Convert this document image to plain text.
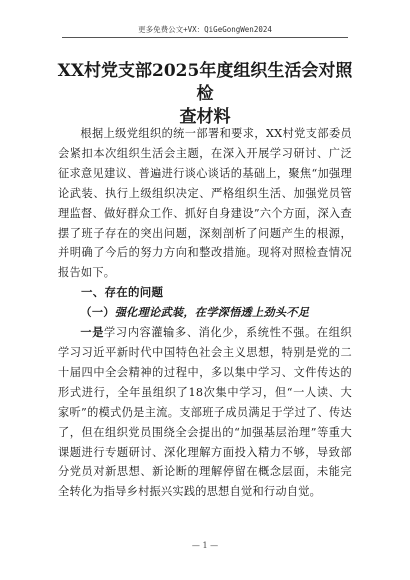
更多免费公文+VX：QiGeGongWen2024
XX村党支部2025年度组织生活会对照检
查材料

根据上级党组织的统一部署和要求，XX村党支部委员会紧扣本次组织生活会主题，在深入开展学习研讨、广泛征求意见建议、普遍进行谈心谈话的基础上，聚焦“加强理论武装、执行上级组织决定、严格组织生活、加强党员管理监督、做好群众工作、抓好自身建设”六个方面，深入查摆了班子存在的突出问题，深刻剖析了问题产生的根源，并明确了今后的努力方向和整改措施。现将对照检查情况报告如下。

一、存在的问题

（一）强化理论武装，在学深悟透上劲头不足

一是学习内容灌输多、消化少，系统性不强。在组织学习习近平新时代中国特色社会主义思想，特别是党的二十届四中全会精神的过程中，多以集中学习、文件传达的形式进行，全年虽组织了18次集中学习，但“一人读、大家听”的模式仍是主流。支部班子成员满足于学过了、传达了，但在组织党员围绕全会提出的“加强基层治理”等重大课题进行专题研讨、深化理解方面投入精力不够，导致部分党员对新思想、新论断的理解停留在概念层面，未能完全转化为指导乡村振兴实践的思想自觉和行动自觉。

— 1 —
